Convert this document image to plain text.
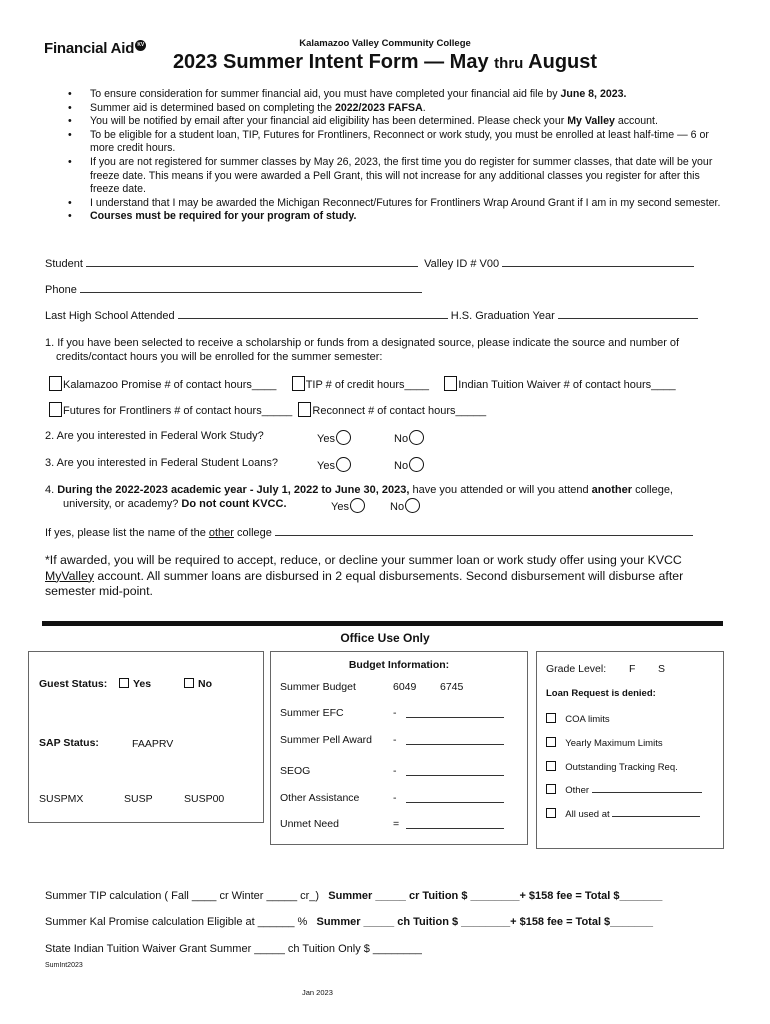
Financial Aid KV	Kalamazoo Valley Community College
2023 Summer Intent Form — May thru August
• To ensure consideration for summer financial aid, you must have completed your financial aid file by June 8, 2023.
• Summer aid is determined based on completing the 2022/2023 FAFSA.
• You will be notified by email after your financial aid eligibility has been determined. Please check your My Valley account.
• To be eligible for a student loan, TIP, Futures for Frontliners, Reconnect or work study, you must be enrolled at least half-time — 6 or more credit hours.
• If you are not registered for summer classes by May 26, 2023, the first time you do register for summer classes, that date will be your freeze date. This means if you were awarded a Pell Grant, this will not increase for any additional classes you register for after this freeze date.
• I understand that I may be awarded the Michigan Reconnect/Futures for Frontliners Wrap Around Grant if I am in my second semester.
• Courses must be required for your program of study.
Student	Valley ID # V00
Phone
Last High School Attended	H.S. Graduation Year
1. If you have been selected to receive a scholarship or funds from a designated source, please indicate the source and number of
credits/contact hours you will be enrolled for the summer semester:
Kalamazoo Promise # of contact hours____	TIP # of credit hours____	Indian Tuition Waiver # of contact hours____
Futures for Frontliners # of contact hours_____ Reconnect # of contact hours_____
2. Are you interested in Federal Work Study?	Yes	No
3. Are you interested in Federal Student Loans?	Yes	No
4. During the 2022-2023 academic year - July 1, 2022 to June 30, 2023, have you attended or will you attend another college,
university, or academy? Do not count KVCC.	Yes	No
If yes, please list the name of the other college
*If awarded, you will be required to accept, reduce, or decline your summer loan or work study offer using your KVCC MyValley account. All summer loans are disbursed in 2 equal disbursements. Second disbursement will disburse after semester mid-point.
Office Use Only
Guest Status:	Yes	No
SAP Status:	FAAPRV
SUSPMX	SUSP	SUSP00
Budget Information:
Summer Budget	6049 6745
Summer EFC	-
Summer Pell Award -
SEOG	-
Other Assistance	-
Unmet Need	=
Grade Level: F S
Loan Request is denied:
COA limits
Yearly Maximum Limits
Outstanding Tracking Req.
Other
All used at
Summer TIP calculation ( Fall ____ cr Winter _____ cr_) Summer _____ cr Tuition $ ________+ $158 fee = Total $_______
Summer Kal Promise calculation Eligible at ______ % Summer _____ ch Tuition $ ________+ $158 fee = Total $_______
State Indian Tuition Waiver Grant Summer _____ ch Tuition Only $ ________
SumInt2023
Jan 2023
